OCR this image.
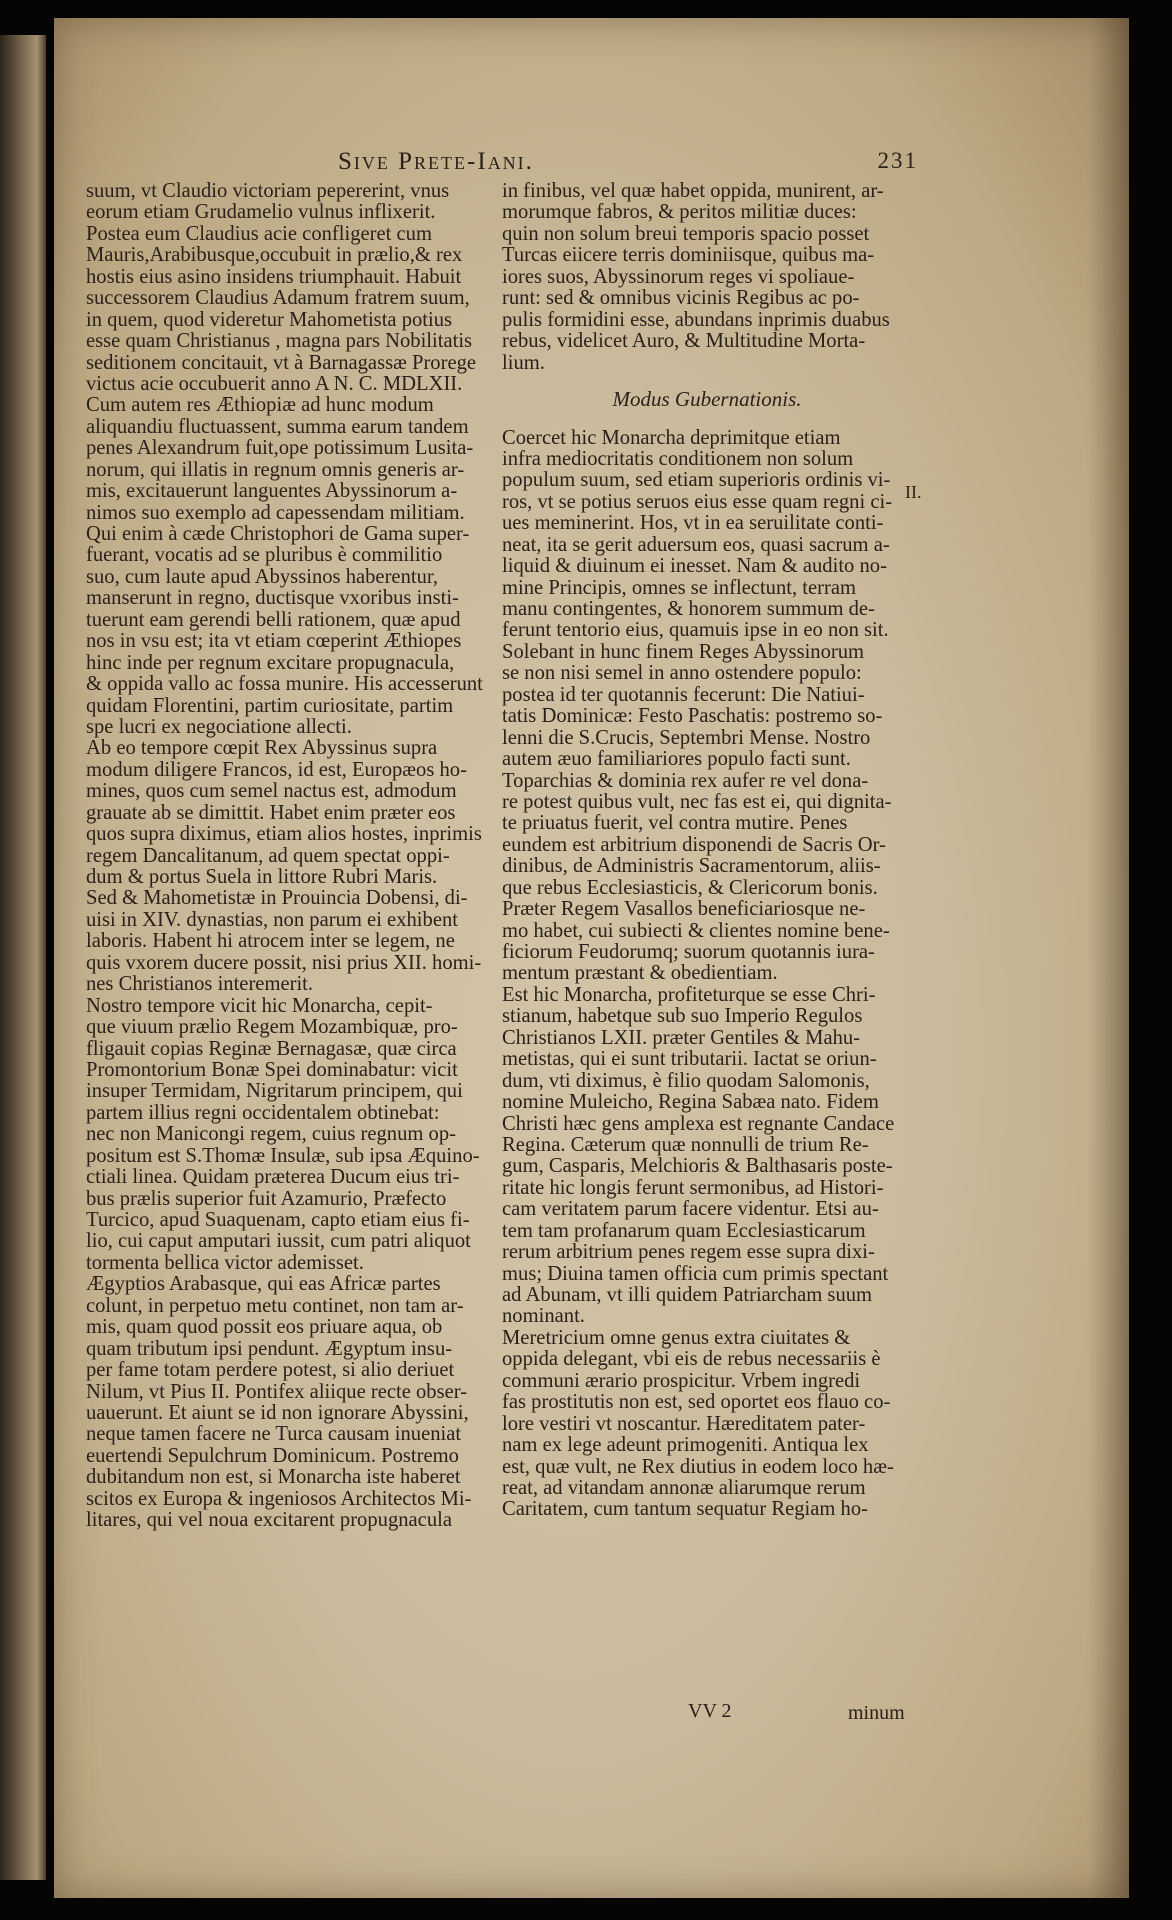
Sive Prete-Iani.	231
suum, vt Claudio victoriam pepererint, vnus
eorum etiam Grudamelio vulnus inflixerit.
Postea eum Claudius acie confligeret cum
Mauris,Arabibusque,occubuit in prælio,& rex
hostis eius asino insidens triumphauit. Habuit
successorem Claudius Adamum fratrem suum,
in quem, quod videretur Mahometista potius
esse quam Christianus , magna pars Nobilitatis
seditionem concitauit, vt à Barnagassæ Prorege
victus acie occubuerit anno A N. C. MDLXII.
Cum autem res Æthiopiæ ad hunc modum
aliquandiu fluctuassent, summa earum tandem
penes Alexandrum fuit,ope potissimum Lusita-
norum, qui illatis in regnum omnis generis ar-
mis, excitauerunt languentes Abyssinorum a-
nimos suo exemplo ad capessendam militiam.
Qui enim à cæde Christophori de Gama super-
fuerant, vocatis ad se pluribus è commilitio
suo, cum laute apud Abyssinos haberentur,
manserunt in regno, ductisque vxoribus insti-
tuerunt eam gerendi belli rationem, quæ apud
nos in vsu est; ita vt etiam cœperint Æthiopes
hinc inde per regnum excitare propugnacula,
& oppida vallo ac fossa munire. His accesserunt
quidam Florentini, partim curiositate, partim
spe lucri ex negociatione allecti.
Ab eo tempore cœpit Rex Abyssinus supra
modum diligere Francos, id est, Europæos ho-
mines, quos cum semel nactus est, admodum
grauate ab se dimittit. Habet enim præter eos
quos supra diximus, etiam alios hostes, inprimis
regem Dancalitanum, ad quem spectat oppi-
dum & portus Suela in littore Rubri Maris.
Sed & Mahometistæ in Prouincia Dobensi, di-
uisi in XIV. dynastias, non parum ei exhibent
laboris. Habent hi atrocem inter se legem, ne
quis vxorem ducere possit, nisi prius XII. homi-
nes Christianos interemerit.
Nostro tempore vicit hic Monarcha, cepit-
que viuum prælio Regem Mozambiquæ, pro-
fligauit copias Reginæ Bernagasæ, quæ circa
Promontorium Bonæ Spei dominabatur: vicit
insuper Termidam, Nigritarum principem, qui
partem illius regni occidentalem obtinebat:
nec non Manicongi regem, cuius regnum op-
positum est S.Thomæ Insulæ, sub ipsa Æquino-
ctiali linea. Quidam præterea Ducum eius tri-
bus prælis superior fuit Azamurio, Præfecto
Turcico, apud Suaquenam, capto etiam eius fi-
lio, cui caput amputari iussit, cum patri aliquot
tormenta bellica victor ademisset.
Ægyptios Arabasque, qui eas Africæ partes
colunt, in perpetuo metu continet, non tam ar-
mis, quam quod possit eos priuare aqua, ob
quam tributum ipsi pendunt. Ægyptum insu-
per fame totam perdere potest, si alio deriuet
Nilum, vt Pius II. Pontifex aliique recte obser-
uauerunt. Et aiunt se id non ignorare Abyssini,
neque tamen facere ne Turca causam inueniat
euertendi Sepulchrum Dominicum. Postremo
dubitandum non est, si Monarcha iste haberet
scitos ex Europa & ingeniosos Architectos Mi-
litares, qui vel noua excitarent propugnacula
in finibus, vel quæ habet oppida, munirent, ar-
morumque fabros, & peritos militiæ duces:
quin non solum breui temporis spacio posset
Turcas eiicere terris dominiisque, quibus ma-
iores suos, Abyssinorum reges vi spoliaue-
runt: sed & omnibus vicinis Regibus ac po-
pulis formidini esse, abundans inprimis duabus
rebus, videlicet Auro, & Multitudine Morta-
lium.
Modus Gubernationis.
Coercet hic Monarcha deprimitque etiam
infra mediocritatis conditionem non solum
populum suum, sed etiam superioris ordinis vi-
ros, vt se potius seruos eius esse quam regni ci-
ues meminerint. Hos, vt in ea seruilitate conti-
neat, ita se gerit aduersum eos, quasi sacrum a-
liquid & diuinum ei inesset. Nam & audito no-
mine Principis, omnes se inflectunt, terram
manu contingentes, & honorem summum de-
ferunt tentorio eius, quamuis ipse in eo non sit.
Solebant in hunc finem Reges Abyssinorum
se non nisi semel in anno ostendere populo:
postea id ter quotannis fecerunt: Die Natiui-
tatis Dominicæ: Festo Paschatis: postremo so-
lenni die S.Crucis, Septembri Mense. Nostro
autem æuo familiariores populo facti sunt.
Toparchias & dominia rex aufer re vel dona-
re potest quibus vult, nec fas est ei, qui dignita-
te priuatus fuerit, vel contra mutire. Penes
eundem est arbitrium disponendi de Sacris Or-
dinibus, de Administris Sacramentorum, aliis-
que rebus Ecclesiasticis, & Clericorum bonis.
Præter Regem Vasallos beneficiariosque ne-
mo habet, cui subiecti & clientes nomine bene-
ficiorum Feudorumq; suorum quotannis iura-
mentum præstant & obedientiam.
Est hic Monarcha, profiteturque se esse Chri-
stianum, habetque sub suo Imperio Regulos
Christianos LXII. præter Gentiles & Mahu-
metistas, qui ei sunt tributarii. Iactat se oriun-
dum, vti diximus, è filio quodam Salomonis,
nomine Muleicho, Regina Sabæa nato. Fidem
Christi hæc gens amplexa est regnante Candace
Regina. Cæterum quæ nonnulli de trium Re-
gum, Casparis, Melchioris & Balthasaris poste-
ritate hic longis ferunt sermonibus, ad Histori-
cam veritatem parum facere videntur. Etsi au-
tem tam profanarum quam Ecclesiasticarum
rerum arbitrium penes regem esse supra dixi-
mus; Diuina tamen officia cum primis spectant
ad Abunam, vt illi quidem Patriarcham suum
nominant.
Meretricium omne genus extra ciuitates &
oppida delegant, vbi eis de rebus necessariis è
communi ærario prospicitur. Vrbem ingredi
fas prostitutis non est, sed oportet eos flauo co-
lore vestiri vt noscantur. Hæreditatem pater-
nam ex lege adeunt primogeniti. Antiqua lex
est, quæ vult, ne Rex diutius in eodem loco hæ-
reat, ad vitandam annonæ aliarumque rerum
Caritatem, cum tantum sequatur Regiam ho-
II.
VV 2	minum
